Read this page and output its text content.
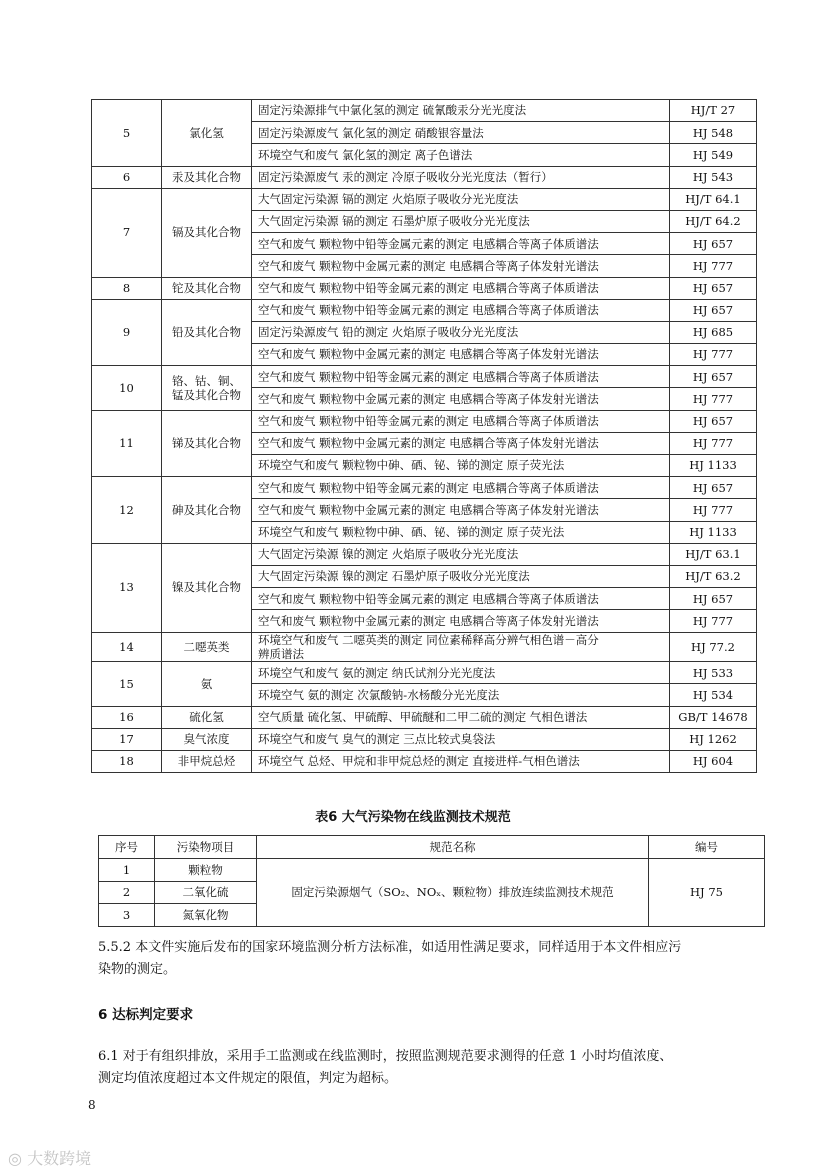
5	氯化氢	固定污染源排气中氯化氢的测定 硫氰酸汞分光光度法	HJ/T 27
		固定污染源废气 氯化氢的测定 硝酸银容量法	HJ 548
		环境空气和废气 氯化氢的测定 离子色谱法	HJ 549
6	汞及其化合物	固定污染源废气 汞的测定 冷原子吸收分光光度法（暂行）	HJ 543
7	镉及其化合物	大气固定污染源 镉的测定 火焰原子吸收分光光度法	HJ/T 64.1
		大气固定污染源 镉的测定 石墨炉原子吸收分光光度法	HJ/T 64.2
		空气和废气 颗粒物中铅等金属元素的测定 电感耦合等离子体质谱法	HJ 657
		空气和废气 颗粒物中金属元素的测定 电感耦合等离子体发射光谱法	HJ 777
8	铊及其化合物	空气和废气 颗粒物中铅等金属元素的测定 电感耦合等离子体质谱法	HJ 657
9	铅及其化合物	空气和废气 颗粒物中铅等金属元素的测定 电感耦合等离子体质谱法	HJ 657
		固定污染源废气 铅的测定 火焰原子吸收分光光度法	HJ 685
		空气和废气 颗粒物中金属元素的测定 电感耦合等离子体发射光谱法	HJ 777
10	铬、钴、铜、
锰及其化合物	空气和废气 颗粒物中铅等金属元素的测定 电感耦合等离子体质谱法	HJ 657
		空气和废气 颗粒物中金属元素的测定 电感耦合等离子体发射光谱法	HJ 777
11	锑及其化合物	空气和废气 颗粒物中铅等金属元素的测定 电感耦合等离子体质谱法	HJ 657
		空气和废气 颗粒物中金属元素的测定 电感耦合等离子体发射光谱法	HJ 777
		环境空气和废气 颗粒物中砷、硒、铋、锑的测定 原子荧光法	HJ 1133
12	砷及其化合物	空气和废气 颗粒物中铅等金属元素的测定 电感耦合等离子体质谱法	HJ 657
		空气和废气 颗粒物中金属元素的测定 电感耦合等离子体发射光谱法	HJ 777
		环境空气和废气 颗粒物中砷、硒、铋、锑的测定 原子荧光法	HJ 1133
13	镍及其化合物	大气固定污染源 镍的测定 火焰原子吸收分光光度法	HJ/T 63.1
		大气固定污染源 镍的测定 石墨炉原子吸收分光光度法	HJ/T 63.2
		空气和废气 颗粒物中铅等金属元素的测定 电感耦合等离子体质谱法	HJ 657
		空气和废气 颗粒物中金属元素的测定 电感耦合等离子体发射光谱法	HJ 777
14	二噁英类	环境空气和废气 二噁英类的测定 同位素稀释高分辨气相色谱－高分
辨质谱法	HJ 77.2
15	氨	环境空气和废气 氨的测定 纳氏试剂分光光度法	HJ 533
		环境空气 氨的测定 次氯酸钠-水杨酸分光光度法	HJ 534
16	硫化氢	空气质量 硫化氢、甲硫醇、甲硫醚和二甲二硫的测定 气相色谱法	GB/T 14678
17	臭气浓度	环境空气和废气 臭气的测定 三点比较式臭袋法	HJ 1262
18	非甲烷总烃	环境空气 总烃、甲烷和非甲烷总烃的测定 直接进样-气相色谱法	HJ 604
表6 大气污染物在线监测技术规范
序号	污染物项目	规范名称	编号
1	颗粒物	固定污染源烟气（SO₂、NOₓ、颗粒物）排放连续监测技术规范	HJ 75
2	二氧化硫		
3	氮氧化物		
5.5.2 本文件实施后发布的国家环境监测分析方法标准，如适用性满足要求，同样适用于本文件相应污
染物的测定。
6 达标判定要求
6.1 对于有组织排放，采用手工监测或在线监测时，按照监测规范要求测得的任意 1 小时均值浓度、
测定均值浓度超过本文件规定的限值，判定为超标。
8
◎ 大数跨境
